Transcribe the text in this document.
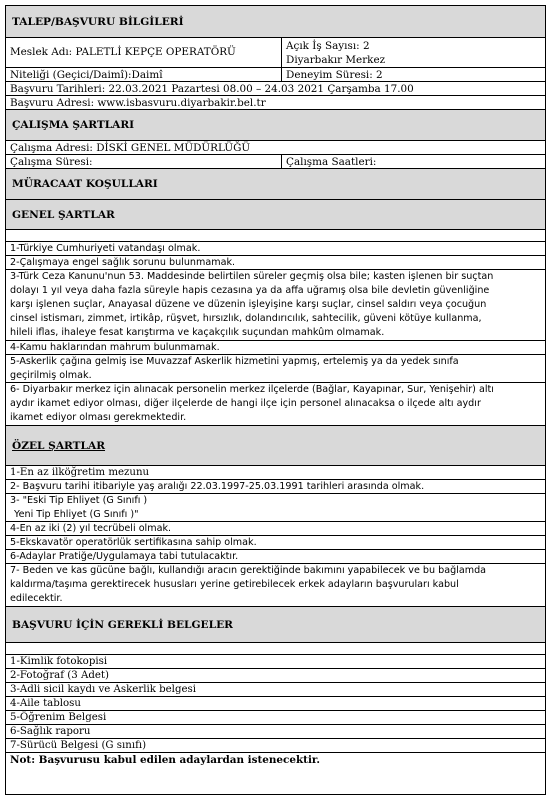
TALEP/BAŞVURU BİLGİLERİ
Meslek Adı: PALETLİ KEPÇE OPERATÖRÜ	Açık İş Sayısı: 2
Diyarbakır Merkez
Niteliği (Geçici/Daimî):Daimî	Deneyim Süresi: 2
Başvuru Tarihleri: 22.03.2021 Pazartesi 08.00 – 24.03 2021 Çarşamba 17.00
Başvuru Adresi: www.isbasvuru.diyarbakir.bel.tr
ÇALIŞMA ŞARTLARI
Çalışma Adresi: DİSKİ GENEL MÜDÜRLÜĞÜ
Çalışma Süresi:	Çalışma Saatleri:
MÜRACAAT KOŞULLARI
GENEL ŞARTLAR
1-Türkiye Cumhuriyeti vatandaşı olmak.
2-Çalışmaya engel sağlık sorunu bulunmamak.
3-Türk Ceza Kanunu'nun 53. Maddesinde belirtilen süreler geçmiş olsa bile; kasten işlenen bir suçtan
dolayı 1 yıl veya daha fazla süreyle hapis cezasına ya da affa uğramış olsa bile devletin güvenliğine
karşı işlenen suçlar, Anayasal düzene ve düzenin işleyişine karşı suçlar, cinsel saldırı veya çocuğun
cinsel istismarı, zimmet, irtikâp, rüşvet, hırsızlık, dolandırıcılık, sahtecilik, güveni kötüye kullanma,
hileli iflas, ihaleye fesat karıştırma ve kaçakçılık suçundan mahkûm olmamak.
4-Kamu haklarından mahrum bulunmamak.
5-Askerlik çağına gelmiş ise Muvazzaf Askerlik hizmetini yapmış, ertelemiş ya da yedek sınıfa
geçirilmiş olmak.
6- Diyarbakır merkez için alınacak personelin merkez ilçelerde (Bağlar, Kayapınar, Sur, Yenişehir) altı
aydır ikamet ediyor olması, diğer ilçelerde de hangi ilçe için personel alınacaksa o ilçede altı aydır
ikamet ediyor olması gerekmektedir.
ÖZEL ŞARTLAR
1-En az ilköğretim mezunu
2- Başvuru tarihi itibariyle yaş aralığı 22.03.1997-25.03.1991 tarihleri arasında olmak.
3- "Eski Tip Ehliyet (G Sınıfı )
Yeni Tip Ehliyet (G Sınıfı )"
4-En az iki (2) yıl tecrübeli olmak.
5-Ekskavatör operatörlük sertifikasına sahip olmak.
6-Adaylar Pratiğe/Uygulamaya tabi tutulacaktır.
7- Beden ve kas gücüne bağlı, kullandığı aracın gerektiğinde bakımını yapabilecek ve bu bağlamda
kaldırma/taşıma gerektirecek hususları yerine getirebilecek erkek adayların başvuruları kabul
edilecektir.
BAŞVURU İÇİN GEREKLİ BELGELER
1-Kimlik fotokopisi
2-Fotoğraf (3 Adet)
3-Adli sicil kaydı ve Askerlik belgesi
4-Aile tablosu
5-Öğrenim Belgesi
6-Sağlık raporu
7-Sürücü Belgesi (G sınıfı)
Not: Başvurusu kabul edilen adaylardan istenecektir.
